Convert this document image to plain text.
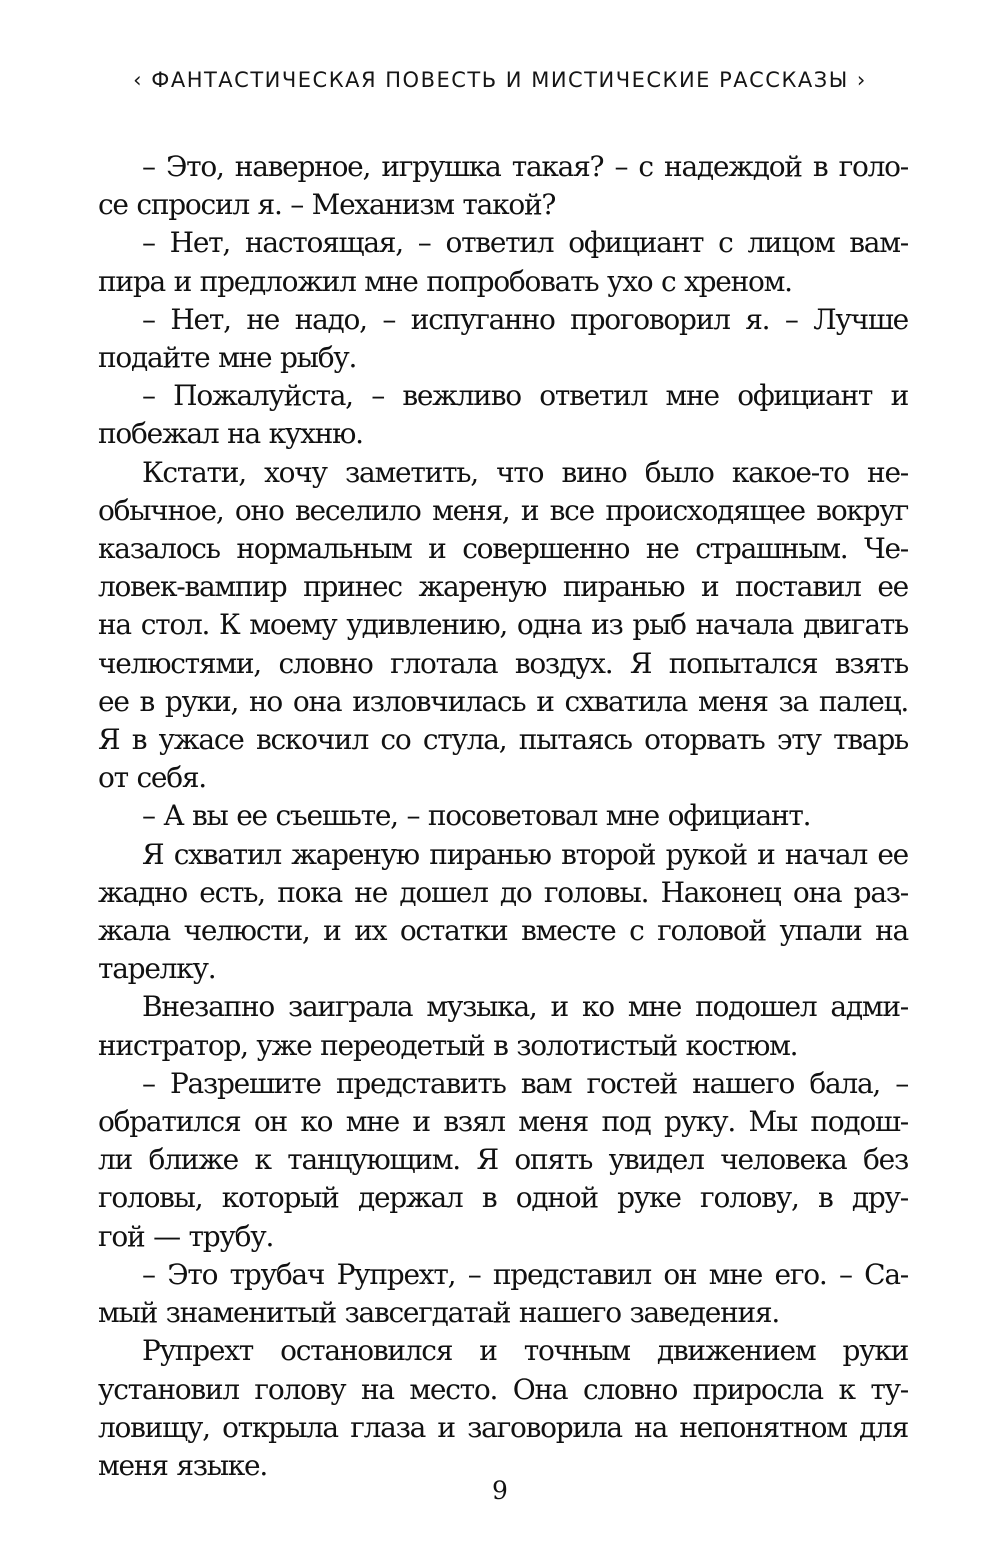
‹ ФАНТАСТИЧЕСКАЯ ПОВЕСТЬ И МИСТИЧЕСКИЕ РАССКАЗЫ ›
– Это, наверное, игрушка такая? – с надеждой в голо-
се спросил я. – Механизм такой?
– Нет, настоящая, – ответил официант с лицом вам-
пира и предложил мне попробовать ухо с хреном.
– Нет, не надо, – испуганно проговорил я. – Лучше
подайте мне рыбу.
– Пожалуйста, – вежливо ответил мне официант и
побежал на кухню.
Кстати, хочу заметить, что вино было какое-то не-
обычное, оно веселило меня, и все происходящее вокруг
казалось нормальным и совершенно не страшным. Че-
ловек-вампир принес жареную пиранью и поставил ее
на стол. К моему удивлению, одна из рыб начала двигать
челюстями, словно глотала воздух. Я попытался взять
ее в руки, но она изловчилась и схватила меня за палец.
Я в ужасе вскочил со стула, пытаясь оторвать эту тварь
от себя.
– А вы ее съешьте, – посоветовал мне официант.
Я схватил жареную пиранью второй рукой и начал ее
жадно есть, пока не дошел до головы. Наконец она раз-
жала челюсти, и их остатки вместе с головой упали на
тарелку.
Внезапно заиграла музыка, и ко мне подошел адми-
нистратор, уже переодетый в золотистый костюм.
– Разрешите представить вам гостей нашего бала, –
обратился он ко мне и взял меня под руку. Мы подош-
ли ближе к танцующим. Я опять увидел человека без
головы, который держал в одной руке голову, в дру-
гой — трубу.
– Это трубач Рупрехт, – представил он мне его. – Са-
мый знаменитый завсегдатай нашего заведения.
Рупрехт остановился и точным движением руки
установил голову на место. Она словно приросла к ту-
ловищу, открыла глаза и заговорила на непонятном для
меня языке.
9
